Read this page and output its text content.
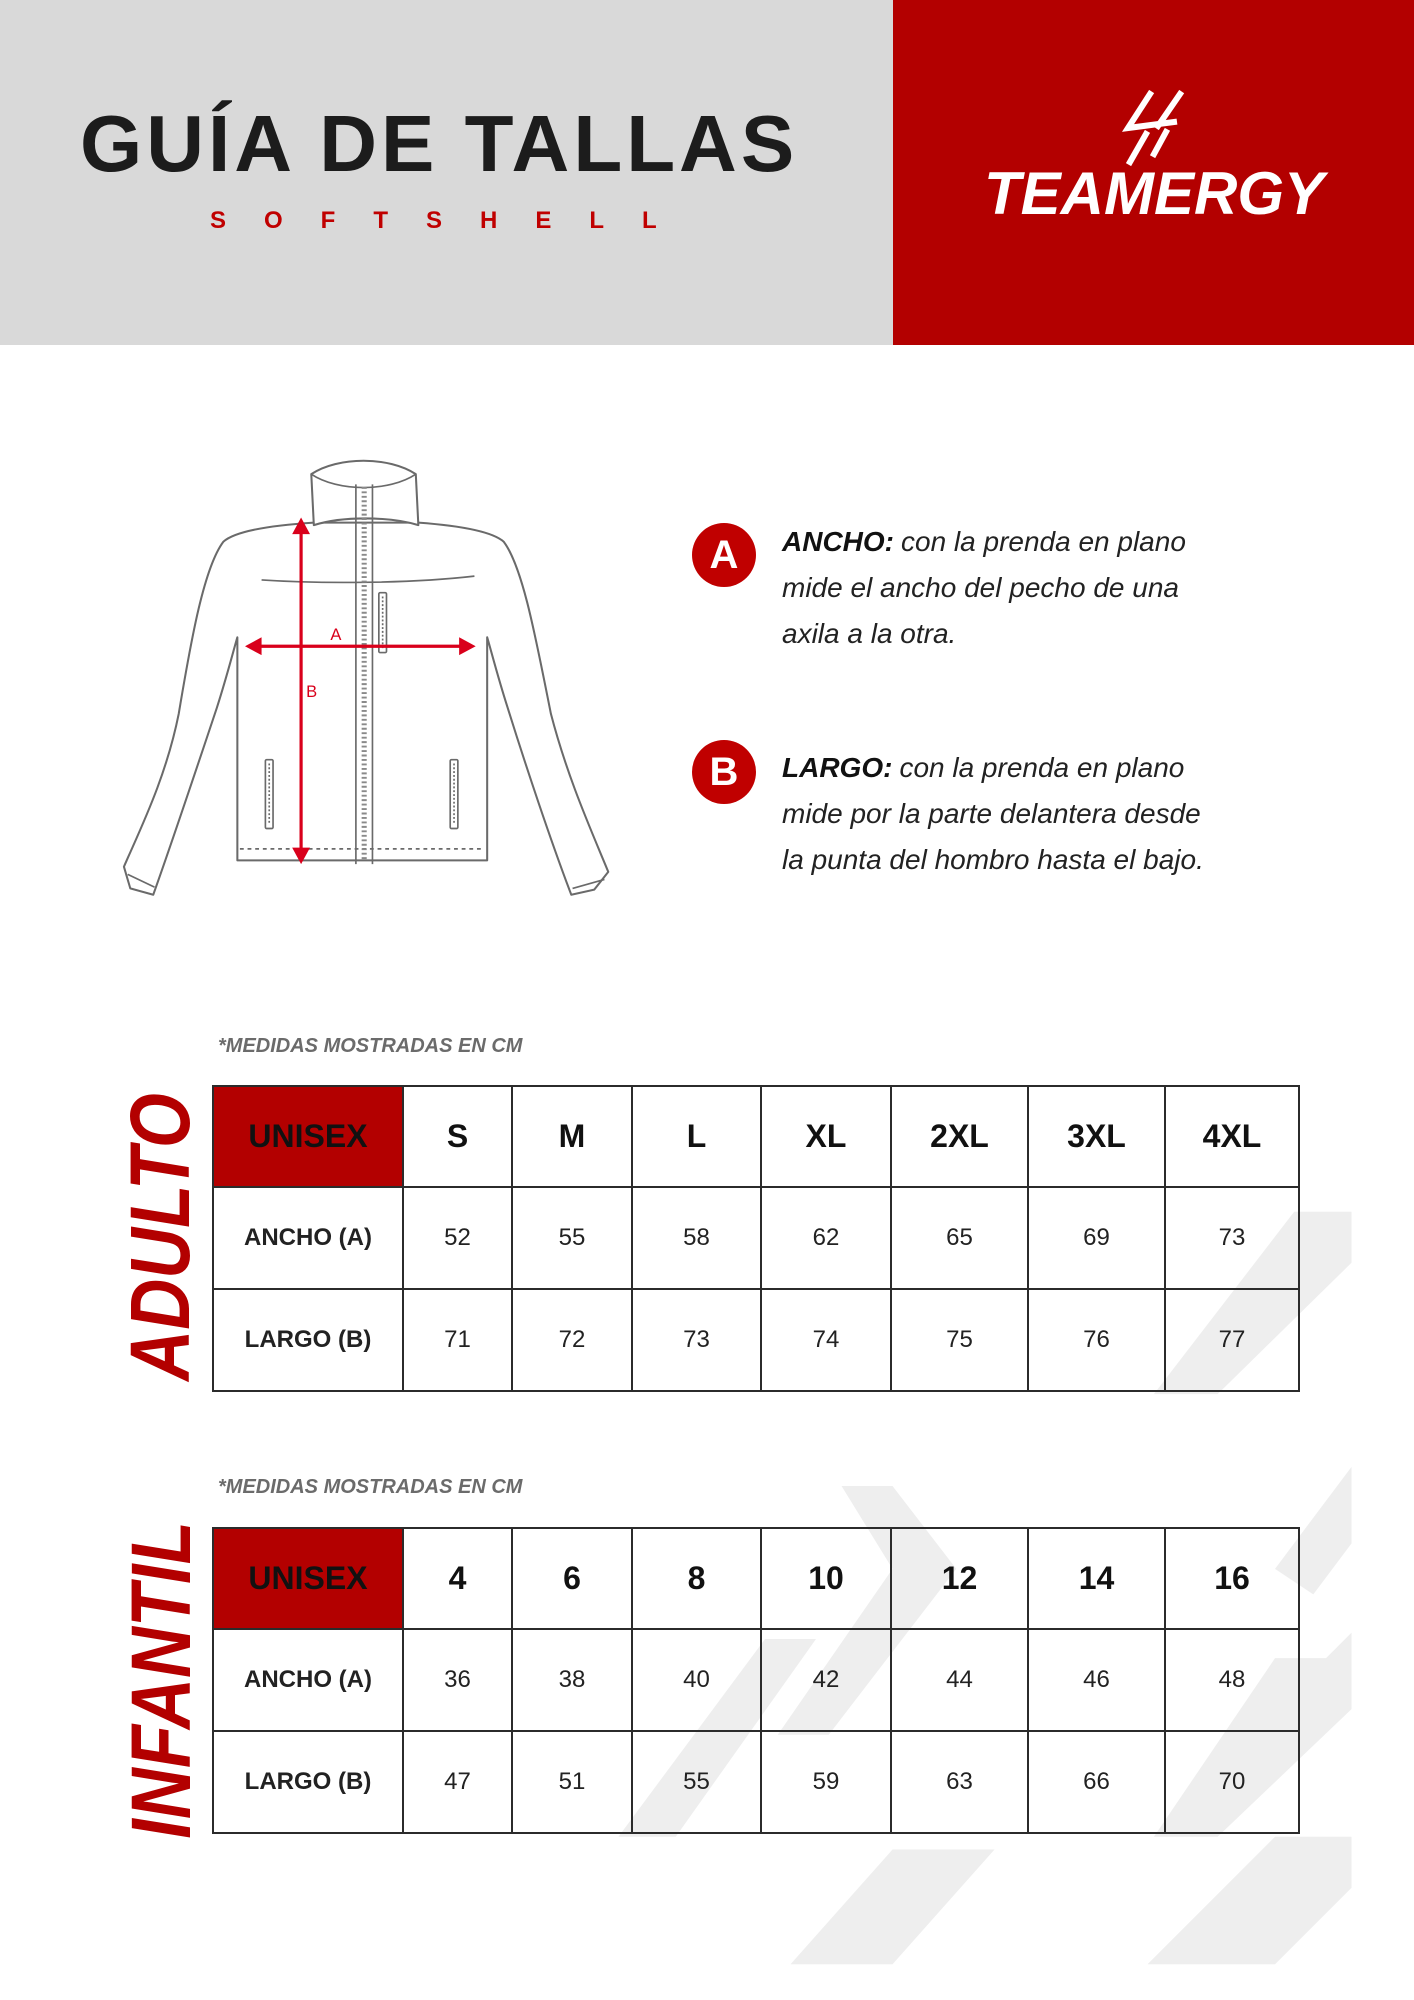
GUÍA DE TALLAS
SOFTSHELL	TEAMERGY
A
B
A	ANCHO: con la prenda en plano
mide el ancho del pecho de una
axila a la otra.
B	LARGO: con la prenda en plano
mide por la parte delantera desde
la punta del hombro hasta el bajo.
*MEDIDAS MOSTRADAS EN CM
ADULTO UNISEX	S	M	L	XL	2XL	3XL	4XL
ANCHO (A)	52	55	58	62	65	69	73
LARGO (B)	71	72	73	74	75	76	77
*MEDIDAS MOSTRADAS EN CM
INFANTIL UNISEX	4	6	8	10	12	14	16
ANCHO (A)	36	38	40	42	44	46	48
LARGO (B)	47	51	55	59	63	66	70
